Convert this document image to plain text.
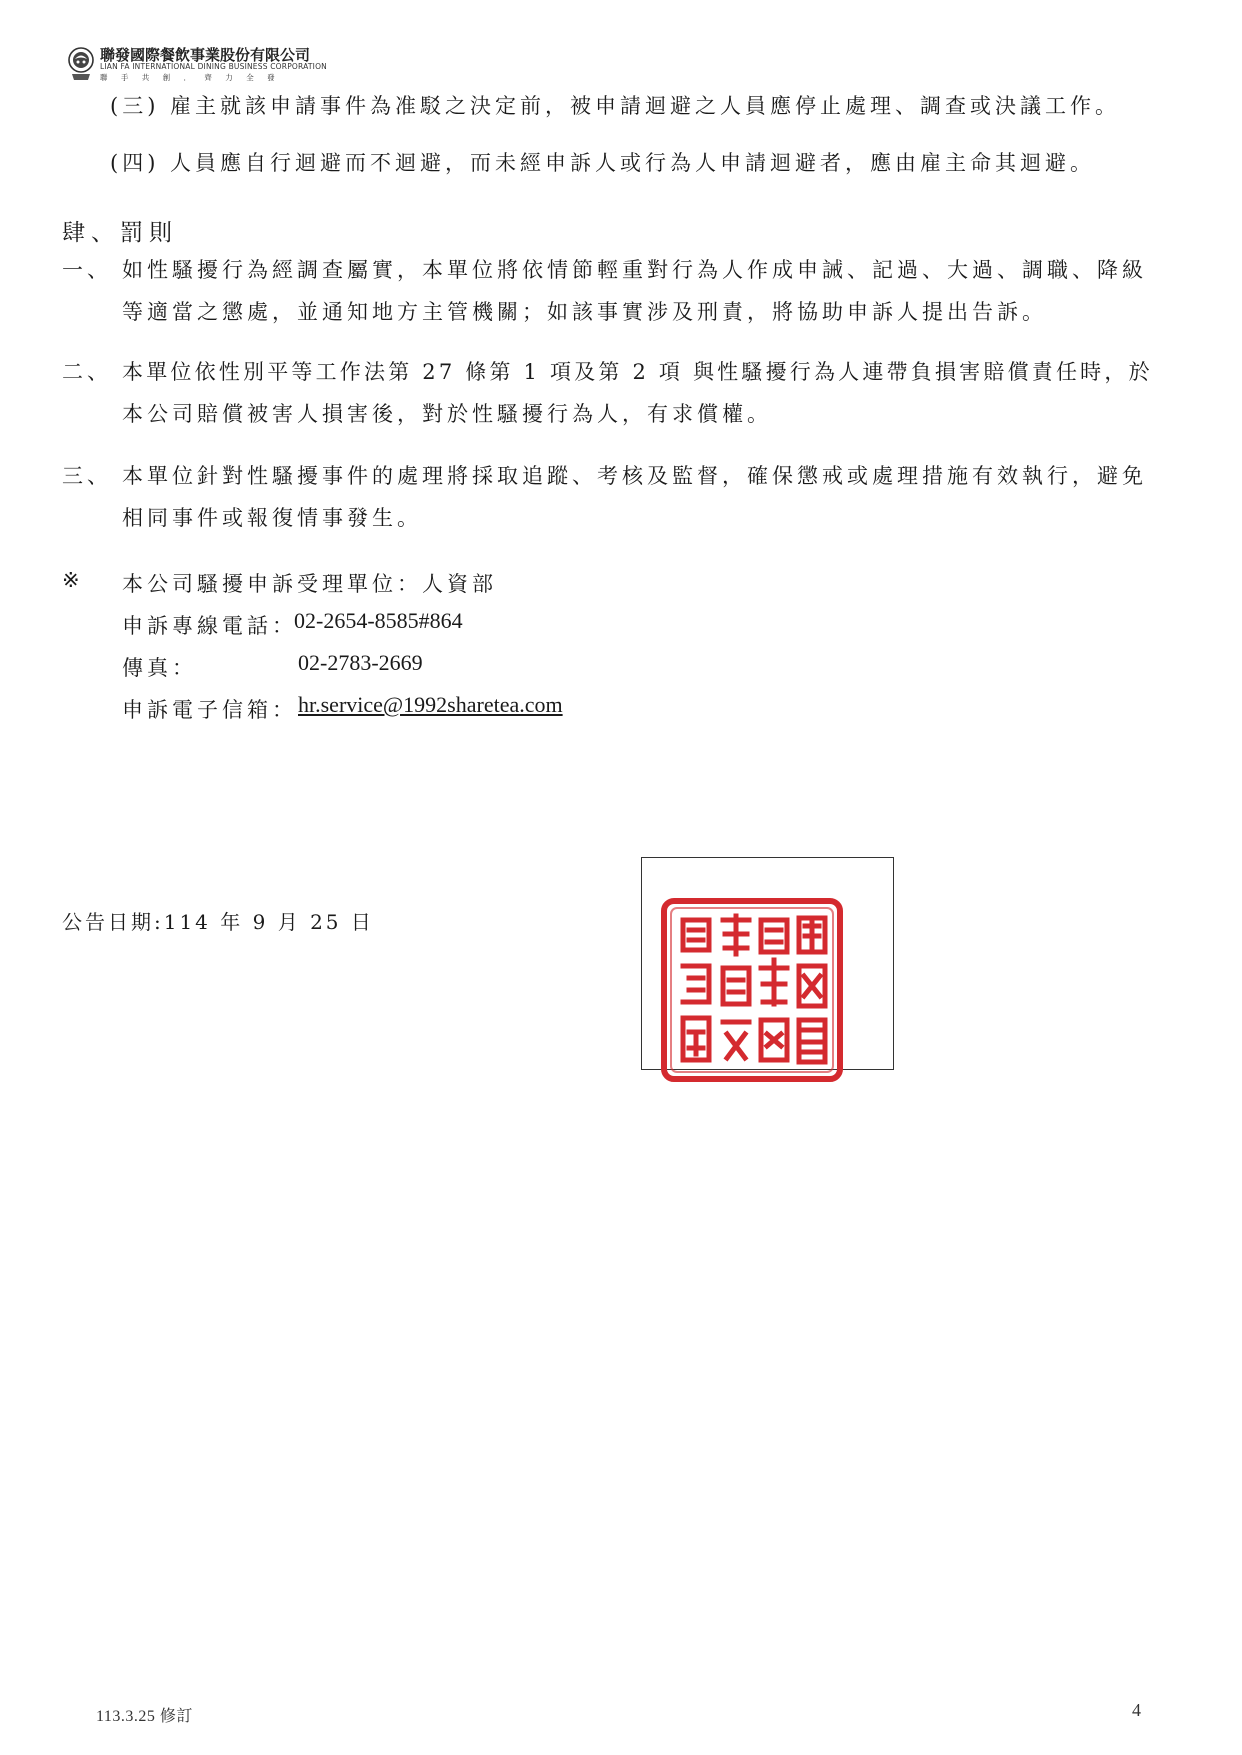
聯發國際餐飲事業股份有限公司
LIAN FA INTERNATIONAL DINING BUSINESS CORPORATION
聯 手 共 創 ． 齊 力 全 發
(三) 雇主就該申請事件為准駁之決定前，被申請迴避之人員應停止處理、調查或決議工作。
(四) 人員應自行迴避而不迴避，而未經申訴人或行為人申請迴避者，應由雇主命其迴避。
肆、罰則
一、 如性騷擾行為經調查屬實，本單位將依情節輕重對行為人作成申誡、記過、大過、調職、降級
等適當之懲處，並通知地方主管機關；如該事實涉及刑責，將協助申訴人提出告訴。
二、 本單位依性別平等工作法第 27 條第 1 項及第 2 項 與性騷擾行為人連帶負損害賠償責任時，於
本公司賠償被害人損害後，對於性騷擾行為人，有求償權。
三、 本單位針對性騷擾事件的處理將採取追蹤、考核及監督，確保懲戒或處理措施有效執行，避免
相同事件或報復情事發生。
※ 本公司騷擾申訴受理單位：人資部
申訴專線電話：
02-2654-8585#864
傳真：	02-2783-2669
申訴電子信箱： hr.service@1992sharetea.com
公告日期:114 年 9 月 25 日
113.3.25 修訂	4
